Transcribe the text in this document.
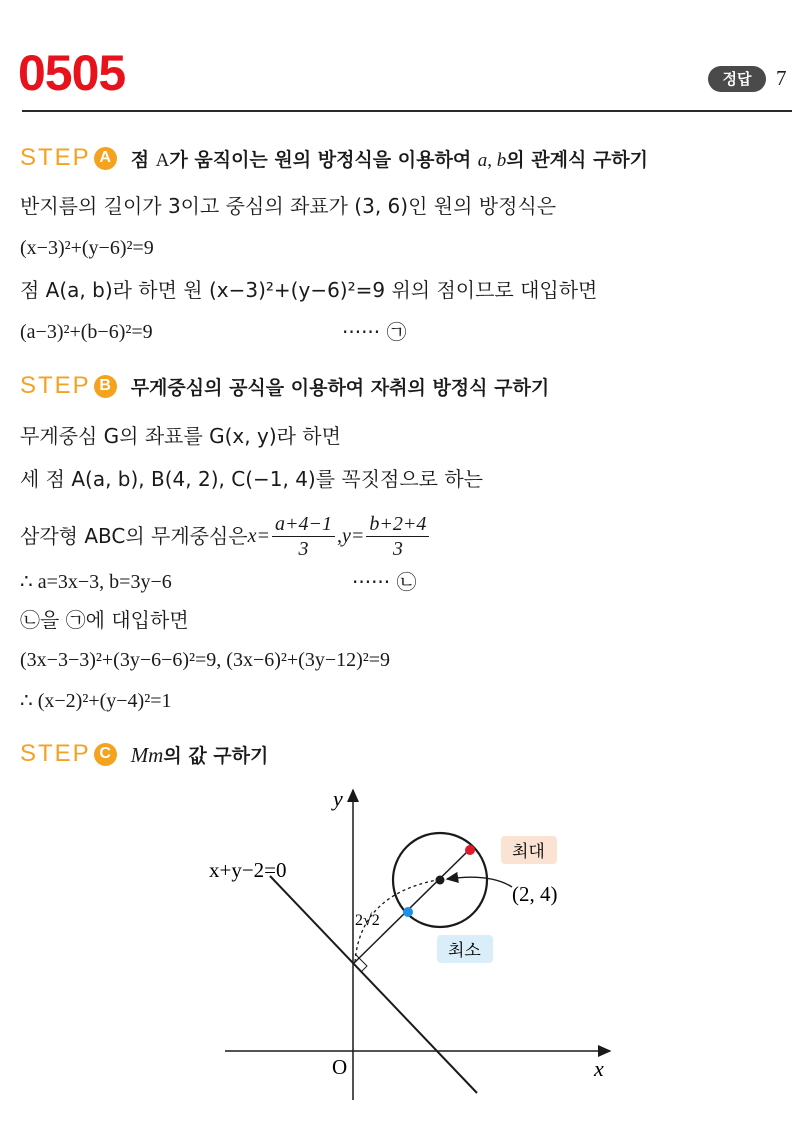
0505	정답	7
STEP A	점 A가 움직이는 원의 방정식을 이용하여 a, b의 관계식 구하기
반지름의 길이가 3이고 중심의 좌표가 (3, 6)인 원의 방정식은
(x−3)²+(y−6)²=9
점 A(a, b)라 하면 원 (x−3)²+(y−6)²=9 위의 점이므로 대입하면
(a−3)²+(b−6)²=9	······ ㉠
STEP B	무게중심의 공식을 이용하여 자취의 방정식 구하기
무게중심 G의 좌표를 G(x, y)라 하면
세 점 A(a, b), B(4, 2), C(−1, 4)를 꼭짓점으로 하는
삼각형 ABC의 무게중심은 $x= \frac{a+4-1}{3}$ , $y= \frac{b+2+4}{3}$
∴ a=3x−3, b=3y−6	······ ㉡
㉡을 ㉠에 대입하면
(3x−3−3)²+(3y−6−6)²=9, (3x−6)²+(3y−12)²=9
∴ (x−2)²+(y−4)²=1
STEP C Mm의 값 구하기
y
x
O
x+y−2=0
2√2
(2, 4)
최대
최소
